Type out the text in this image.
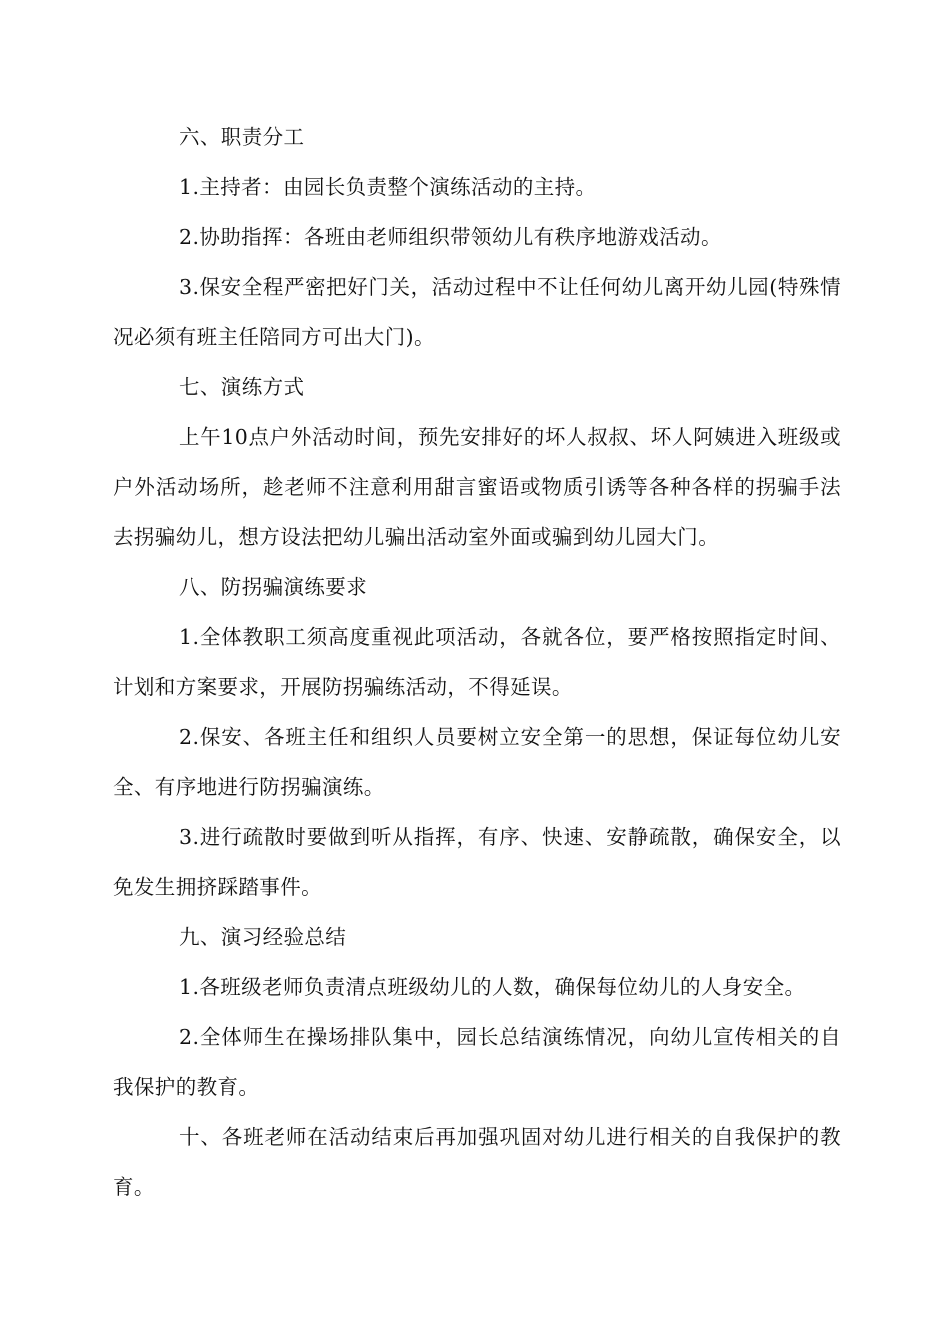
六、职责分工

1.主持者：由园长负责整个演练活动的主持。

2.协助指挥：各班由老师组织带领幼儿有秩序地游戏活动。

3.保安全程严密把好门关，活动过程中不让任何幼儿离开幼儿园(特殊情况必须有班主任陪同方可出大门)。

七、演练方式

上午10点户外活动时间，预先安排好的坏人叔叔、坏人阿姨进入班级或户外活动场所，趁老师不注意利用甜言蜜语或物质引诱等各种各样的拐骗手法去拐骗幼儿，想方设法把幼儿骗出活动室外面或骗到幼儿园大门。

八、防拐骗演练要求

1.全体教职工须高度重视此项活动，各就各位，要严格按照指定时间、计划和方案要求，开展防拐骗练活动，不得延误。

2.保安、各班主任和组织人员要树立安全第一的思想，保证每位幼儿安全、有序地进行防拐骗演练。

3.进行疏散时要做到听从指挥，有序、快速、安静疏散，确保安全，以免发生拥挤踩踏事件。

九、演习经验总结

1.各班级老师负责清点班级幼儿的人数，确保每位幼儿的人身安全。

2.全体师生在操场排队集中，园长总结演练情况，向幼儿宣传相关的自我保护的教育。

十、各班老师在活动结束后再加强巩固对幼儿进行相关的自我保护的教育。
